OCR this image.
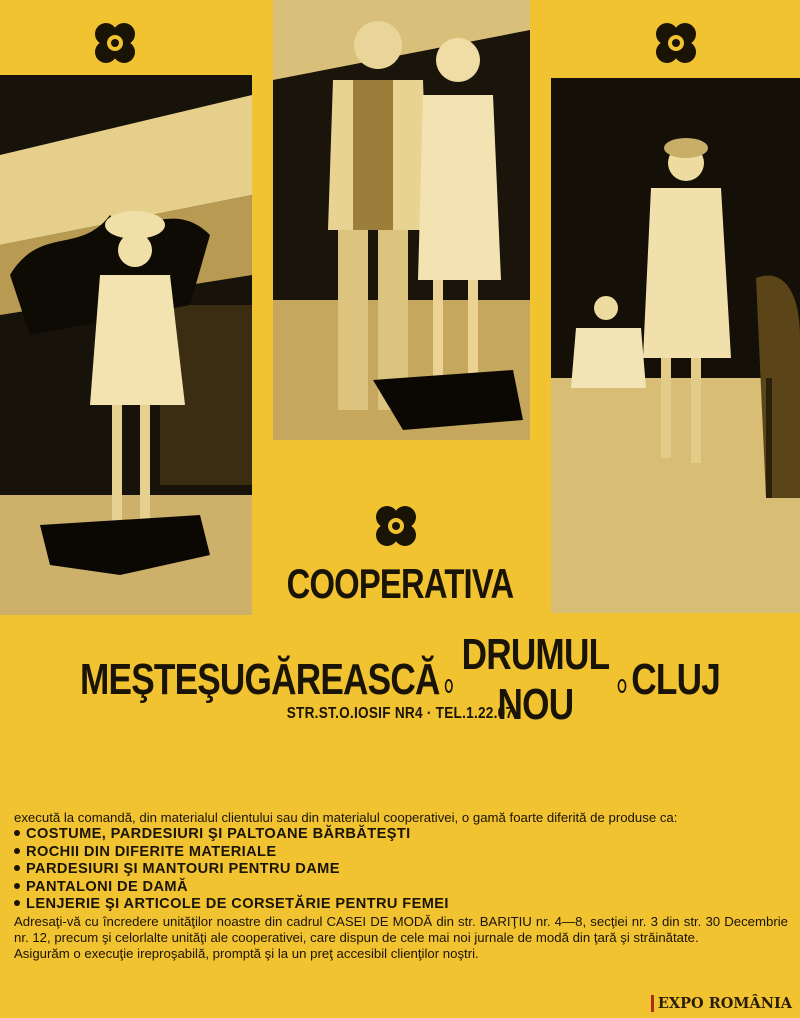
COOPERATIVA
MEŞTEŞUGĂREASCĂ
DRUMUL NOU
CLUJ
STR.ST.O.IOSIF NR4 · TEL.1.22.07

execută la comandă, din materialul clientului sau din materialul cooperativei, o gamă foarte diferită de produse ca:

COSTUME, PARDESIURI ŞI PALTOANE BĂRBĂTEŞTI
ROCHII DIN DIFERITE MATERIALE
PARDESIURI ŞI MANTOURI PENTRU DAME
PANTALONI DE DAMĂ
LENJERIE ŞI ARTICOLE DE CORSETĂRIE PENTRU FEMEI

Adresaţi-vă cu încredere unităţilor noastre din cadrul CASEI DE MODĂ din str. BARIŢIU nr. 4—8, secţiei nr. 3 din str. 30 Decembrie nr. 12, precum şi celorlalte unităţi ale cooperativei, care dispun de cele mai noi jurnale de modă din ţară şi străinătate.

Asigurăm o execuţie ireproşabilă, promptă şi la un preţ accesibil clienţilor noştri.

EXPO ROMÂNIA
